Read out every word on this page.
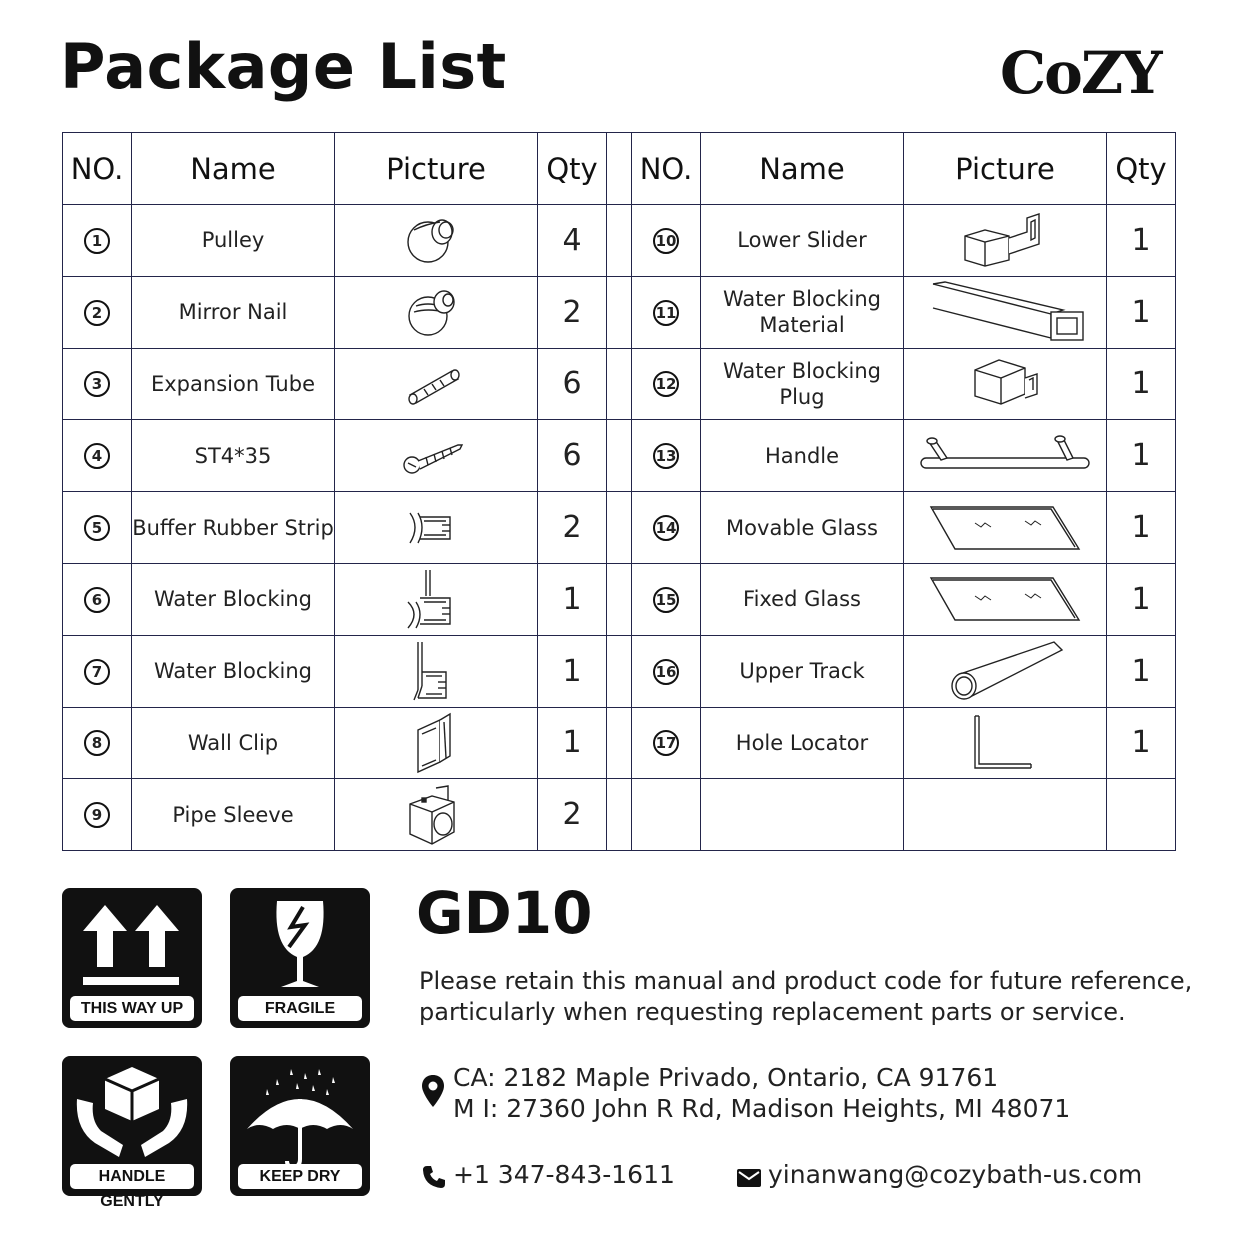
Package List	CoZY
NO.	Name	Picture	Qty		NO.	Name	Picture	Qty
1	Pulley		4		10	Lower Slider		1
2	Mirror Nail		2		11	Water Blocking Material		1
3	Expansion Tube		6		12	Water Blocking Plug		1
4	ST4*35		6		13	Handle		1
5	Buffer Rubber Strip		2		14	Movable Glass		1
6	Water Blocking		1		15	Fixed Glass		1
7	Water Blocking		1		16	Upper Track		1
8	Wall Clip		1		17	Hole Locator		1
9	Pipe Sleeve		2					
THIS WAY UP	FRAGILE
HANDLE GENTLY
KEEP DRY
GD10
Please retain this manual and product code for future reference,
particularly when requesting replacement parts or service.
CA: 2182 Maple Privado, Ontario, CA 91761
M I: 27360 John R Rd, Madison Heights, MI 48071
+1 347-843-1611	yinanwang@cozybath-us.com
